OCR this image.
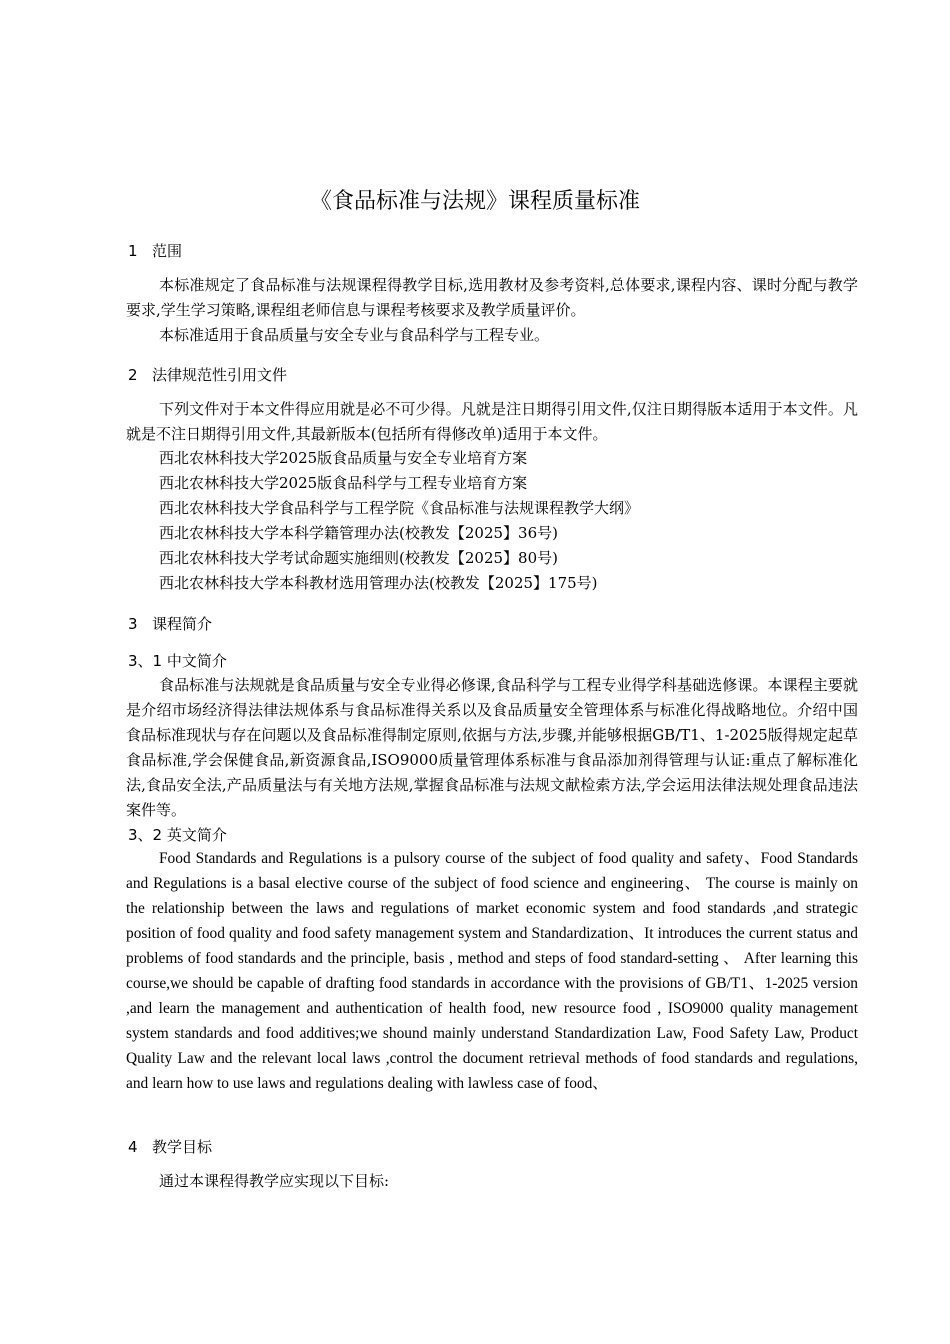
《食品标准与法规》课程质量标准
1 范围
本标准规定了食品标准与法规课程得教学目标,选用教材及参考资料,总体要求,课程内容、课时分配与教学要求,学生学习策略,课程组老师信息与课程考核要求及教学质量评价。
本标准适用于食品质量与安全专业与食品科学与工程专业。
2 法律规范性引用文件
下列文件对于本文件得应用就是必不可少得。凡就是注日期得引用文件,仅注日期得版本适用于本文件。凡就是不注日期得引用文件,其最新版本(包括所有得修改单)适用于本文件。
西北农林科技大学2025版食品质量与安全专业培育方案
西北农林科技大学2025版食品科学与工程专业培育方案
西北农林科技大学食品科学与工程学院《食品标准与法规课程教学大纲》
西北农林科技大学本科学籍管理办法(校教发【2025】36号)
西北农林科技大学考试命题实施细则(校教发【2025】80号)
西北农林科技大学本科教材选用管理办法(校教发【2025】175号)
3 课程简介
3、1 中文简介
食品标准与法规就是食品质量与安全专业得必修课,食品科学与工程专业得学科基础选修课。本课程主要就是介绍市场经济得法律法规体系与食品标准得关系以及食品质量安全管理体系与标准化得战略地位。介绍中国食品标准现状与存在问题以及食品标准得制定原则,依据与方法,步骤,并能够根据GB/T1、1-2025版得规定起草食品标准,学会保健食品,新资源食品,ISO9000质量管理体系标准与食品添加剂得管理与认证:重点了解标准化法,食品安全法,产品质量法与有关地方法规,掌握食品标准与法规文献检索方法,学会运用法律法规处理食品违法案件等。
3、2 英文简介
Food Standards and Regulations is a pulsory course of the subject of food quality and safety、Food Standards and Regulations is a basal elective course of the subject of food science and engineering、 The course is mainly on the relationship between the laws and regulations of market economic system and food standards ,and strategic position of food quality and food safety management system and Standardization、It introduces the current status and problems of food standards and the principle, basis , method and steps of food standard-setting 、 After learning this course,we should be capable of drafting food standards in accordance with the provisions of GB/T1、1-2025 version ,and learn the management and authentication of health food, new resource food , ISO9000 quality management system standards and food additives;we shound mainly understand Standardization Law, Food Safety Law, Product Quality Law and the relevant local laws ,control the document retrieval methods of food standards and regulations, and learn how to use laws and regulations dealing with lawless case of food、
4 教学目标
通过本课程得教学应实现以下目标:
